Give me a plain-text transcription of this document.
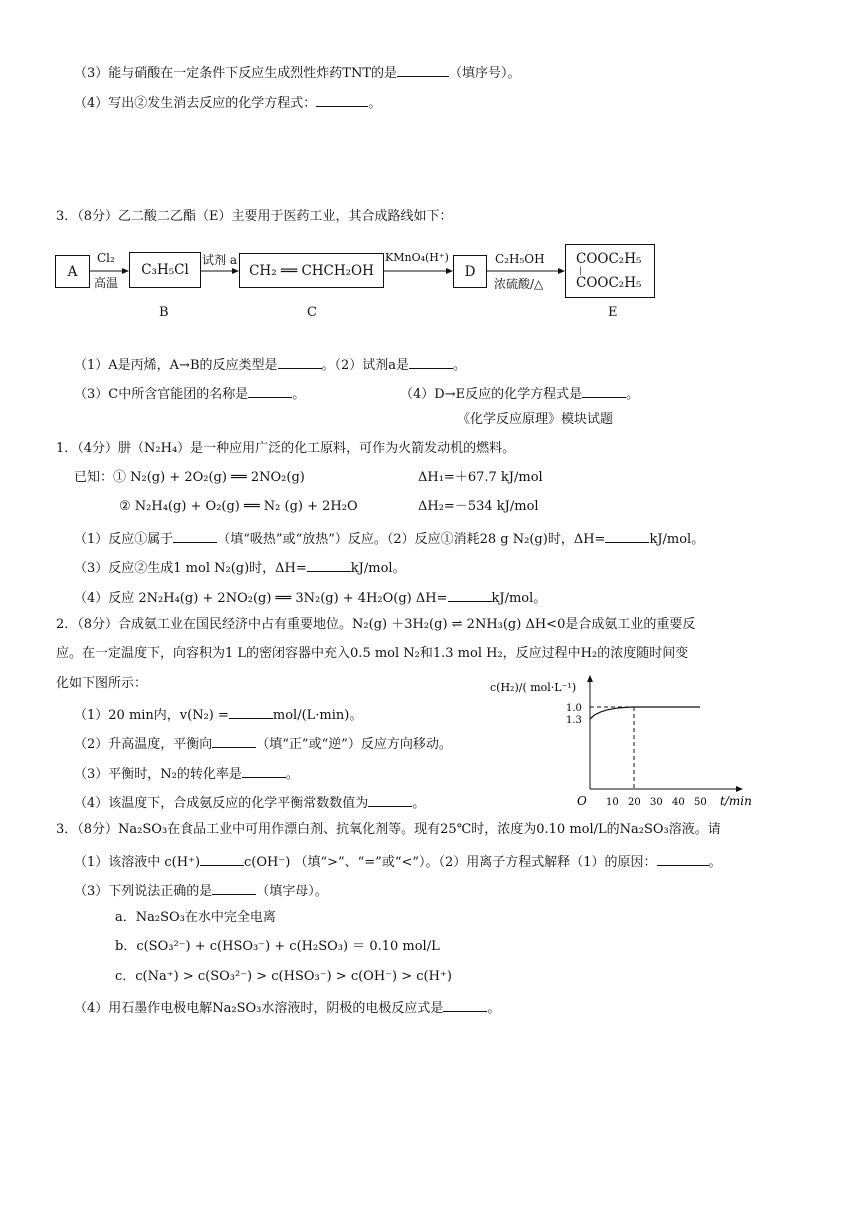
（3）能与硝酸在一定条件下反应生成烈性炸药TNT的是	（填序号）。
（4）写出②发生消去反应的化学方程式：	。
3．（8分）乙二酸二乙酯（E）主要用于医药工业，其合成路线如下：
A	C₃H₅Cl	CH₂ ══ CHCH₂OH	D
COOC₂H₅
|
COOC₂H₅
Cl₂
高温
试剂 a	KMnO₄(H⁺)	C₂H₅OH
浓硫酸/△
B	C	E
（1）A是丙烯，A→B的反应类型是	。（2）试剂a是	。
（3）C中所含官能团的名称是	。	（4）D→E反应的化学方程式是	。
《化学反应原理》模块试题
1．（4分）肼（N₂H₄）是一种应用广泛的化工原料，可作为火箭发动机的燃料。
已知：① N₂(g) + 2O₂(g) ══ 2NO₂(g)	ΔH₁=＋67.7 kJ/mol
② N₂H₄(g) + O₂(g) ══ N₂ (g) + 2H₂O	ΔH₂=－534 kJ/mol
（1）反应①属于	（填“吸热”或“放热”）反应。（2）反应①消耗28 g N₂(g)时，ΔH=	kJ/mol。
（3）反应②生成1 mol N₂(g)时，ΔH=	kJ/mol。
（4）反应 2N₂H₄(g) + 2NO₂(g) ══ 3N₂(g) + 4H₂O(g) ΔH=	kJ/mol。
2．（8分）合成氨工业在国民经济中占有重要地位。N₂(g) ＋3H₂(g) ⇌ 2NH₃(g) ΔH<0是合成氨工业的重要反
应。在一定温度下，向容积为1 L的密闭容器中充入0.5 mol N₂和1.3 mol H₂，反应过程中H₂的浓度随时间变
化如下图所示：
（1）20 min内，v(N₂) =	mol/(L·min)。
（2）升高温度，平衡向	（填“正”或“逆”）反应方向移动。
（3）平衡时，N₂的转化率是	。
（4）该温度下，合成氨反应的化学平衡常数数值为	。	10 20 30 40 50
1.0
1.3
c(H₂)/( mol·L⁻¹)
t/min
O
3．（8分）Na₂SO₃在食品工业中可用作漂白剂、抗氧化剂等。现有25℃时，浓度为0.10 mol/L的Na₂SO₃溶液。请
（1）该溶液中 c(H⁺)	c(OH⁻) （填“>”、“=”或“<”）。（2）用离子方程式解释（1）的原因：	。
（3）下列说法正确的是	（填字母）。
a．Na₂SO₃在水中完全电离
b．c(SO₃²⁻) + c(HSO₃⁻) + c(H₂SO₃) ＝ 0.10 mol/L
c．c(Na⁺) > c(SO₃²⁻) > c(HSO₃⁻) > c(OH⁻) > c(H⁺)
（4）用石墨作电极电解Na₂SO₃水溶液时，阴极的电极反应式是	。
